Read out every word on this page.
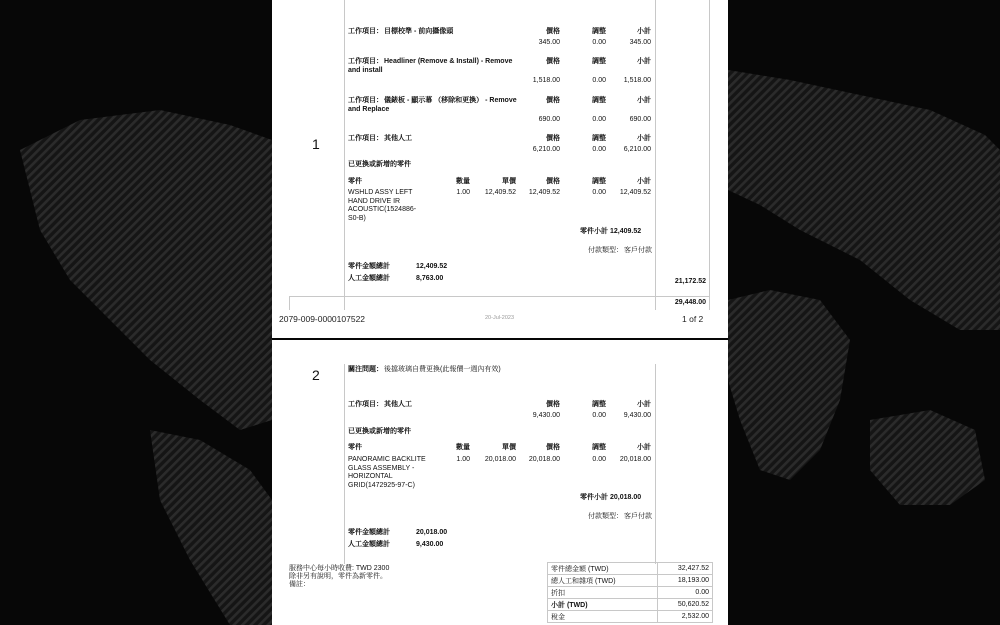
1
工作項目： 目標校準 - 前向攝像頭	價格	調整	小計
345.00	0.00	345.00
工作項目： Headliner (Remove & Install) - Remove and install
價格	調整	小計
1,518.00	0.00	1,518.00
工作項目： 儀錶板 - 顯示幕 （移除和更換） - Remove and Replace
價格	調整	小計
690.00	0.00	690.00
工作項目： 其他人工	價格	調整	小計
6,210.00	0.00	6,210.00
已更換或新增的零件
零件	數量	單價	價格	調整	小計
WSHLD ASSY LEFT HAND DRIVE IR ACOUSTIC(1524886-S0-B)
1.00	12,409.52	12,409.52	0.00	12,409.52
零件小計 12,409.52
付款類型： 客戶付款
零件金額總計	12,409.52
人工金額總計	8,763.00	21,172.52
29,448.00
2079-009-0000107522	20-Jul-2023	1 of 2
2	關注問題： 後擋玻璃自費更換(此報價一週內有效)
工作項目： 其他人工	價格	調整	小計
9,430.00	0.00	9,430.00
已更換或新增的零件
零件	數量	單價	價格	調整	小計
PANORAMIC BACKLITE GLASS ASSEMBLY - HORIZONTAL GRID(1472925-97-C)
1.00	20,018.00	20,018.00	0.00	20,018.00
零件小計 20,018.00
付款類型： 客戶付款
零件金額總計	20,018.00
人工金額總計	9,430.00
服務中心每小時收費: TWD 2300
除非另有說明，零件為新零件。
備註：
零件總金額 (TWD)	32,427.52
總人工和雜項 (TWD)	18,193.00
折扣	0.00
小計 (TWD)	50,620.52
稅金	2,532.00
